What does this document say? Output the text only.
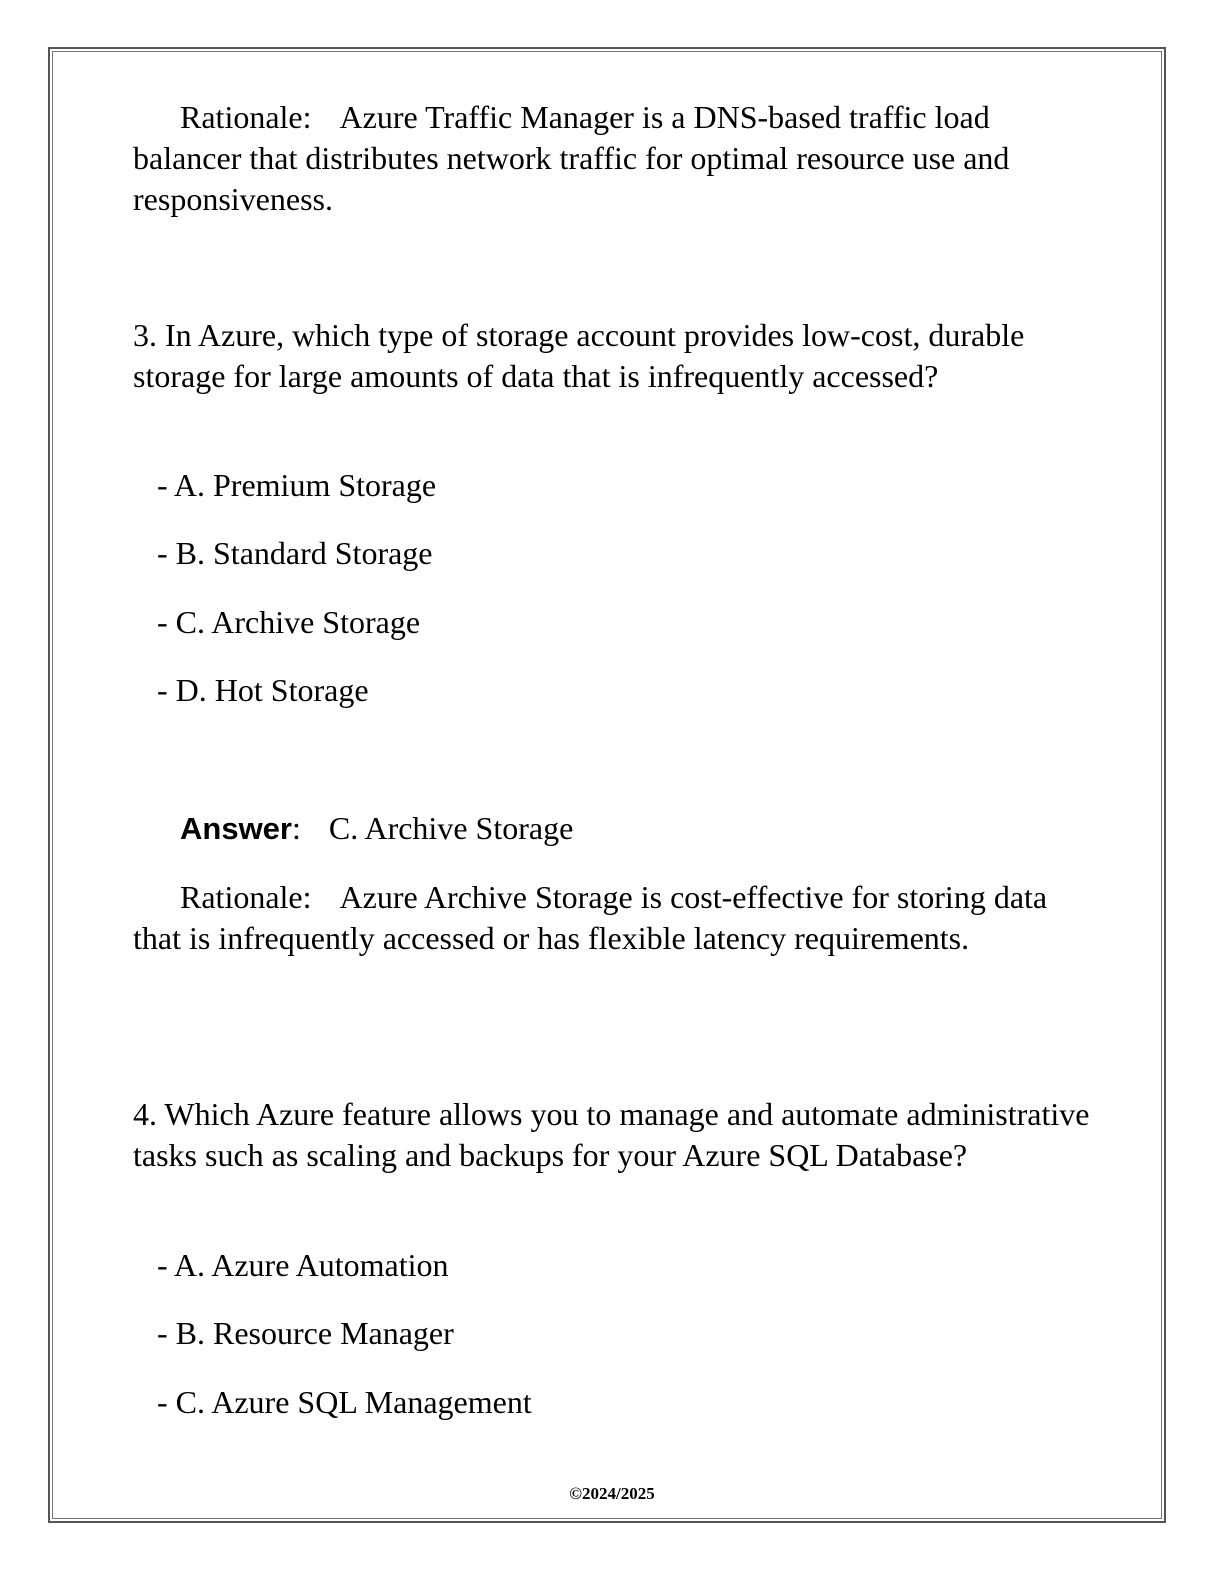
Rationale: Azure Traffic Manager is a DNS-based traffic load balancer that distributes network traffic for optimal resource use and responsiveness.

3. In Azure, which type of storage account provides low-cost, durable storage for large amounts of data that is infrequently accessed?

- A. Premium Storage

- B. Standard Storage

- C. Archive Storage

- D. Hot Storage

Answer: C. Archive Storage

Rationale: Azure Archive Storage is cost-effective for storing data that is infrequently accessed or has flexible latency requirements.

4. Which Azure feature allows you to manage and automate administrative tasks such as scaling and backups for your Azure SQL Database?

- A. Azure Automation

- B. Resource Manager

- C. Azure SQL Management

©2024/2025
